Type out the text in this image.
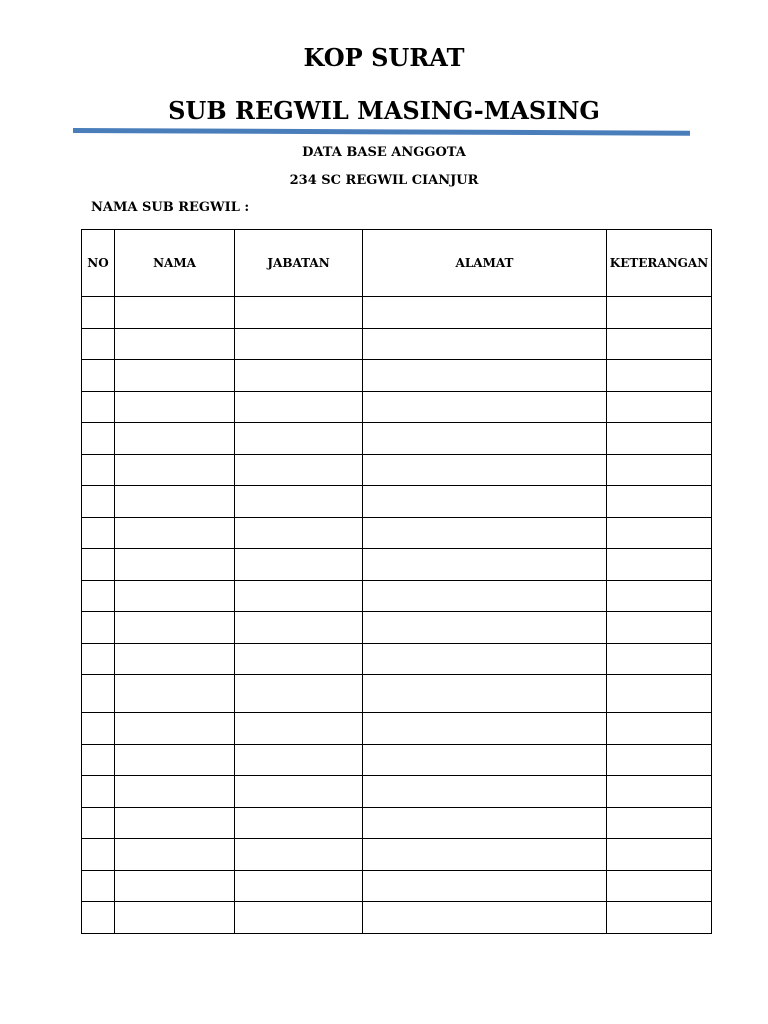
KOP SURAT
SUB REGWIL MASING-MASING
DATA BASE ANGGOTA
234 SC REGWIL CIANJUR
NAMA SUB REGWIL :
NO	NAMA	JABATAN	ALAMAT	KETERANGAN
